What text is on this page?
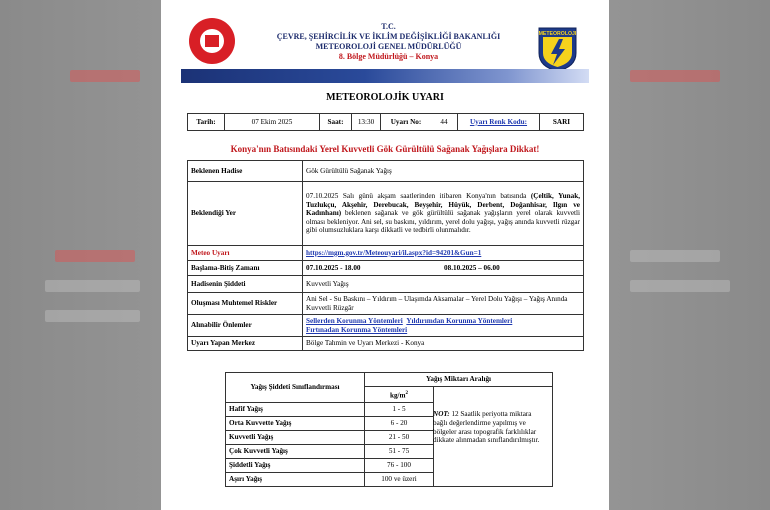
T.C.
ÇEVRE, ŞEHİRCİLİK VE İKLİM DEĞİŞİKLİĞİ BAKANLIĞI
METEOROLOJİ GENEL MÜDÜRLÜĞÜ
8. Bölge Müdürlüğü – Konya
METEOROLOJI
METEOROLOJİK UYARI
Tarih:	07 Ekim 2025	Saat:	13:30	Uyarı No:	44	Uyarı Renk Kodu:	SARI
Konya'nın Batısındaki Yerel Kuvvetli Gök Gürültülü Sağanak Yağışlara Dikkat!
Beklenen Hadise	Gök Gürültülü Sağanak Yağış
Beklendiği Yer	07.10.2025 Salı günü akşam saatlerinden itibaren Konya'nın batısında (Çeltik, Yunak, Tuzlukçu, Akşehir, Derebucak, Beyşehir, Hüyük, Derbent, Doğanhisar, Ilgın ve Kadınhanı) beklenen sağanak ve gök gürültülü sağanak yağışların yerel olarak kuvvetli olması bekleniyor. Ani sel, su baskını, yıldırım, yerel dolu yağışı, yağış anında kuvvetli rüzgar gibi olumsuzluklara karşı dikkatli ve tedbirli olunmalıdır.
Meteo Uyarı	https://mgm.gov.tr/Meteouyari/il.aspx?id=94201&Gun=1
Başlama-Bitiş Zamanı	07.10.2025 - 18.00 08.10.2025 – 06.00
Hadisenin Şiddeti	Kuvvetli Yağış
Oluşması Muhtemel Riskler	Ani Sel - Su Baskını – Yıldırım – Ulaşımda Aksamalar – Yerel Dolu Yağışı – Yağış Anında Kuvvetli Rüzgâr
Alınabilir Önlemler	Sellerden Korunma Yöntemleri Yıldırımdan Korunma Yöntemleri
Fırtınadan Korunma Yöntemleri
Uyarı Yapan Merkez	Bölge Tahmin ve Uyarı Merkezi - Konya
Yağış Şiddeti Sınıflandırması	Yağış Miktarı Aralığı	
	$kg/m^2$	
Hafif Yağış	1 - 5	
Orta Kuvvette Yağış	6 - 20	
Kuvvetli Yağış	21 - 50	
Çok Kuvvetli Yağış	51 - 75	
Şiddetli Yağış	76 - 100	
Aşırı Yağış	100 ve üzeri	
NOT: 12 Saatlik periyotta miktara bağlı değerlendirme yapılmış ve bölgeler arası topografik farklılıklar dikkate alınmadan sınıflandırılmıştır.
